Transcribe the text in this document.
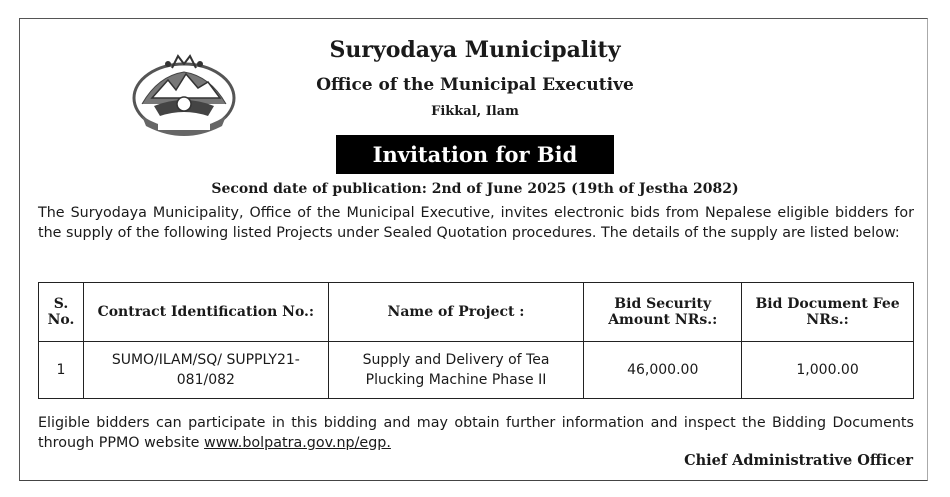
Suryodaya Municipality
Office of the Municipal Executive
Fikkal, Ilam
Invitation for Bid
Second date of publication: 2nd of June 2025 (19th of Jestha 2082)
The Suryodaya Municipality, Office of the Municipal Executive, invites electronic bids from Nepalese eligible bidders for the supply of the following listed Projects under Sealed Quotation procedures. The details of the supply are listed below:
S. No.	Contract Identification No.:	Name of Project :	Bid Security Amount NRs.:	Bid Document Fee NRs.:
1	SUMO/ILAM/SQ/ SUPPLY21-081/082	Supply and Delivery of Tea Plucking Machine Phase II	46,000.00	1,000.00
Eligible bidders can participate in this bidding and may obtain further information and inspect the Bidding Documents through PPMO website www.bolpatra.gov.np/egp.
Chief Administrative Officer
